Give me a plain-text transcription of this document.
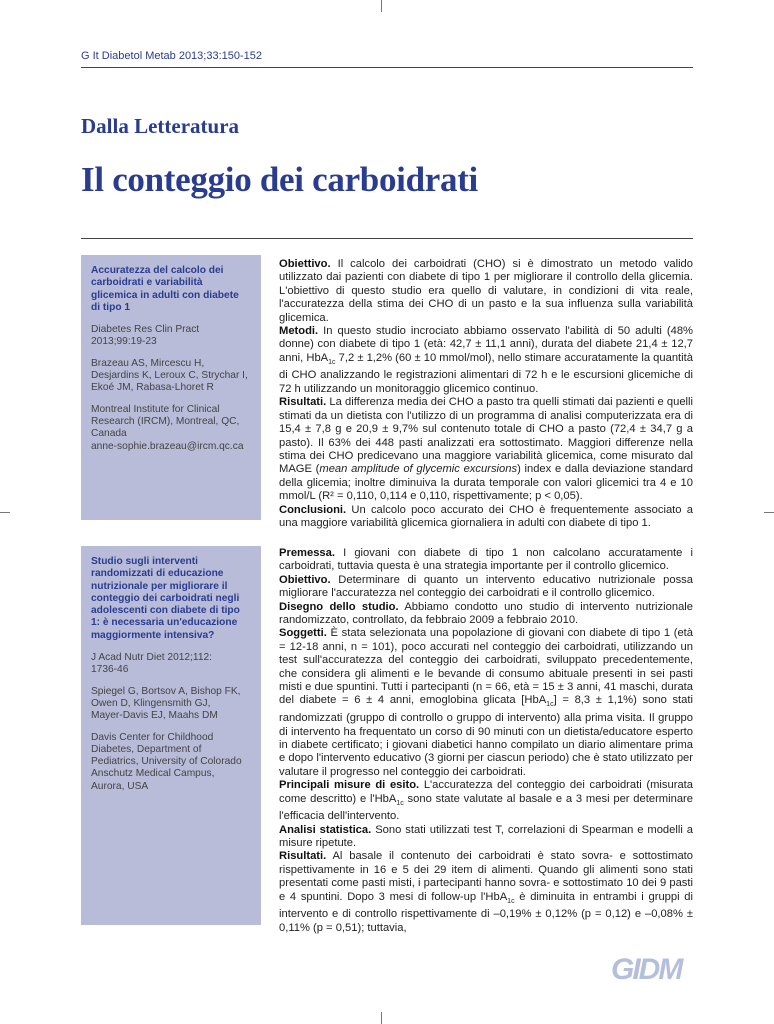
G It Diabetol Metab 2013;33:150-152
Dalla Letteratura
Il conteggio dei carboidrati

Accuratezza del calcolo dei carboidrati e variabilità glicemica in adulti con diabete di tipo 1

Diabetes Res Clin Pract
2013;99:19-23

Brazeau AS, Mircescu H,
Desjardins K, Leroux C, Strychar I,
Ekoé JM, Rabasa-Lhoret R

Montreal Institute for Clinical
Research (IRCM), Montreal, QC,
Canada
anne-sophie.brazeau@ircm.qc.ca

Obiettivo. Il calcolo dei carboidrati (CHO) si è dimostrato un metodo valido utilizzato dai pazienti con diabete di tipo 1 per migliorare il controllo della glicemia. L'obiettivo di questo studio era quello di valutare, in condizioni di vita reale, l'accuratezza della stima dei CHO di un pasto e la sua influenza sulla variabilità glicemica.

Metodi. In questo studio incrociato abbiamo osservato l'abilità di 50 adulti (48% donne) con diabete di tipo 1 (età: 42,7 ± 11,1 anni), durata del diabete 21,4 ± 12,7 anni, HbA$_{1c}$ 7,2 ± 1,2% (60 ± 10 mmol/mol), nello stimare accuratamente la quantità di CHO analizzando le registrazioni alimentari di 72 h e le escursioni glicemiche di 72 h utilizzando un monitoraggio glicemico continuo.

Risultati. La differenza media dei CHO a pasto tra quelli stimati dai pazienti e quelli stimati da un dietista con l'utilizzo di un programma di analisi computerizzata era di 15,4 ± 7,8 g e 20,9 ± 9,7% sul contenuto totale di CHO a pasto (72,4 ± 34,7 g a pasto). Il 63% dei 448 pasti analizzati era sottostimato. Maggiori differenze nella stima dei CHO predicevano una maggiore variabilità glicemica, come misurato dal MAGE (mean amplitude of glycemic excursions) index e dalla deviazione standard della glicemia; inoltre diminuiva la durata temporale con valori glicemici tra 4 e 10 mmol/L (R² = 0,110, 0,114 e 0,110, rispettivamente; p < 0,05).

Conclusioni. Un calcolo poco accurato dei CHO è frequentemente associato a una maggiore variabilità glicemica giornaliera in adulti con diabete di tipo 1.

Studio sugli interventi randomizzati di educazione nutrizionale per migliorare il conteggio dei carboidrati negli adolescenti con diabete di tipo 1: è necessaria un'educazione maggiormente intensiva?

J Acad Nutr Diet 2012;112:
1736-46

Spiegel G, Bortsov A, Bishop FK,
Owen D, Klingensmith GJ,
Mayer-Davis EJ, Maahs DM

Davis Center for Childhood
Diabetes, Department of
Pediatrics, University of Colorado
Anschutz Medical Campus,
Aurora, USA

Premessa. I giovani con diabete di tipo 1 non calcolano accuratamente i carboidrati, tuttavia questa è una strategia importante per il controllo glicemico.

Obiettivo. Determinare di quanto un intervento educativo nutrizionale possa migliorare l'accuratezza nel conteggio dei carboidrati e il controllo glicemico.

Disegno dello studio. Abbiamo condotto uno studio di intervento nutrizionale randomizzato, controllato, da febbraio 2009 a febbraio 2010.

Soggetti. È stata selezionata una popolazione di giovani con diabete di tipo 1 (età = 12-18 anni, n = 101), poco accurati nel conteggio dei carboidrati, utilizzando un test sull'accuratezza del conteggio dei carboidrati, sviluppato precedentemente, che considera gli alimenti e le bevande di consumo abituale presenti in sei pasti misti e due spuntini. Tutti i partecipanti (n = 66, età = 15 ± 3 anni, 41 maschi, durata del diabete = 6 ± 4 anni, emoglobina glicata [HbA$_{1c}$] = 8,3 ± 1,1%) sono stati randomizzati (gruppo di controllo o gruppo di intervento) alla prima visita. Il gruppo di intervento ha frequentato un corso di 90 minuti con un dietista/educatore esperto in diabete certificato; i giovani diabetici hanno compilato un diario alimentare prima e dopo l'intervento educativo (3 giorni per ciascun periodo) che è stato utilizzato per valutare il progresso nel conteggio dei carboidrati.

Principali misure di esito. L'accuratezza del conteggio dei carboidrati (misurata come descritto) e l'HbA$_{1c}$ sono state valutate al basale e a 3 mesi per determinare l'efficacia dell'intervento.

Analisi statistica. Sono stati utilizzati test T, correlazioni di Spearman e modelli a misure ripetute.

Risultati. Al basale il contenuto dei carboidrati è stato sovra- e sottostimato rispettivamente in 16 e 5 dei 29 item di alimenti. Quando gli alimenti sono stati presentati come pasti misti, i partecipanti hanno sovra- e sottostimato 10 dei 9 pasti e 4 spuntini. Dopo 3 mesi di follow-up l'HbA$_{1c}$ è diminuita in entrambi i gruppi di intervento e di controllo rispettivamente di –0,19% ± 0,12% (p = 0,12) e –0,08% ± 0,11% (p = 0,51); tuttavia,

GIDM
